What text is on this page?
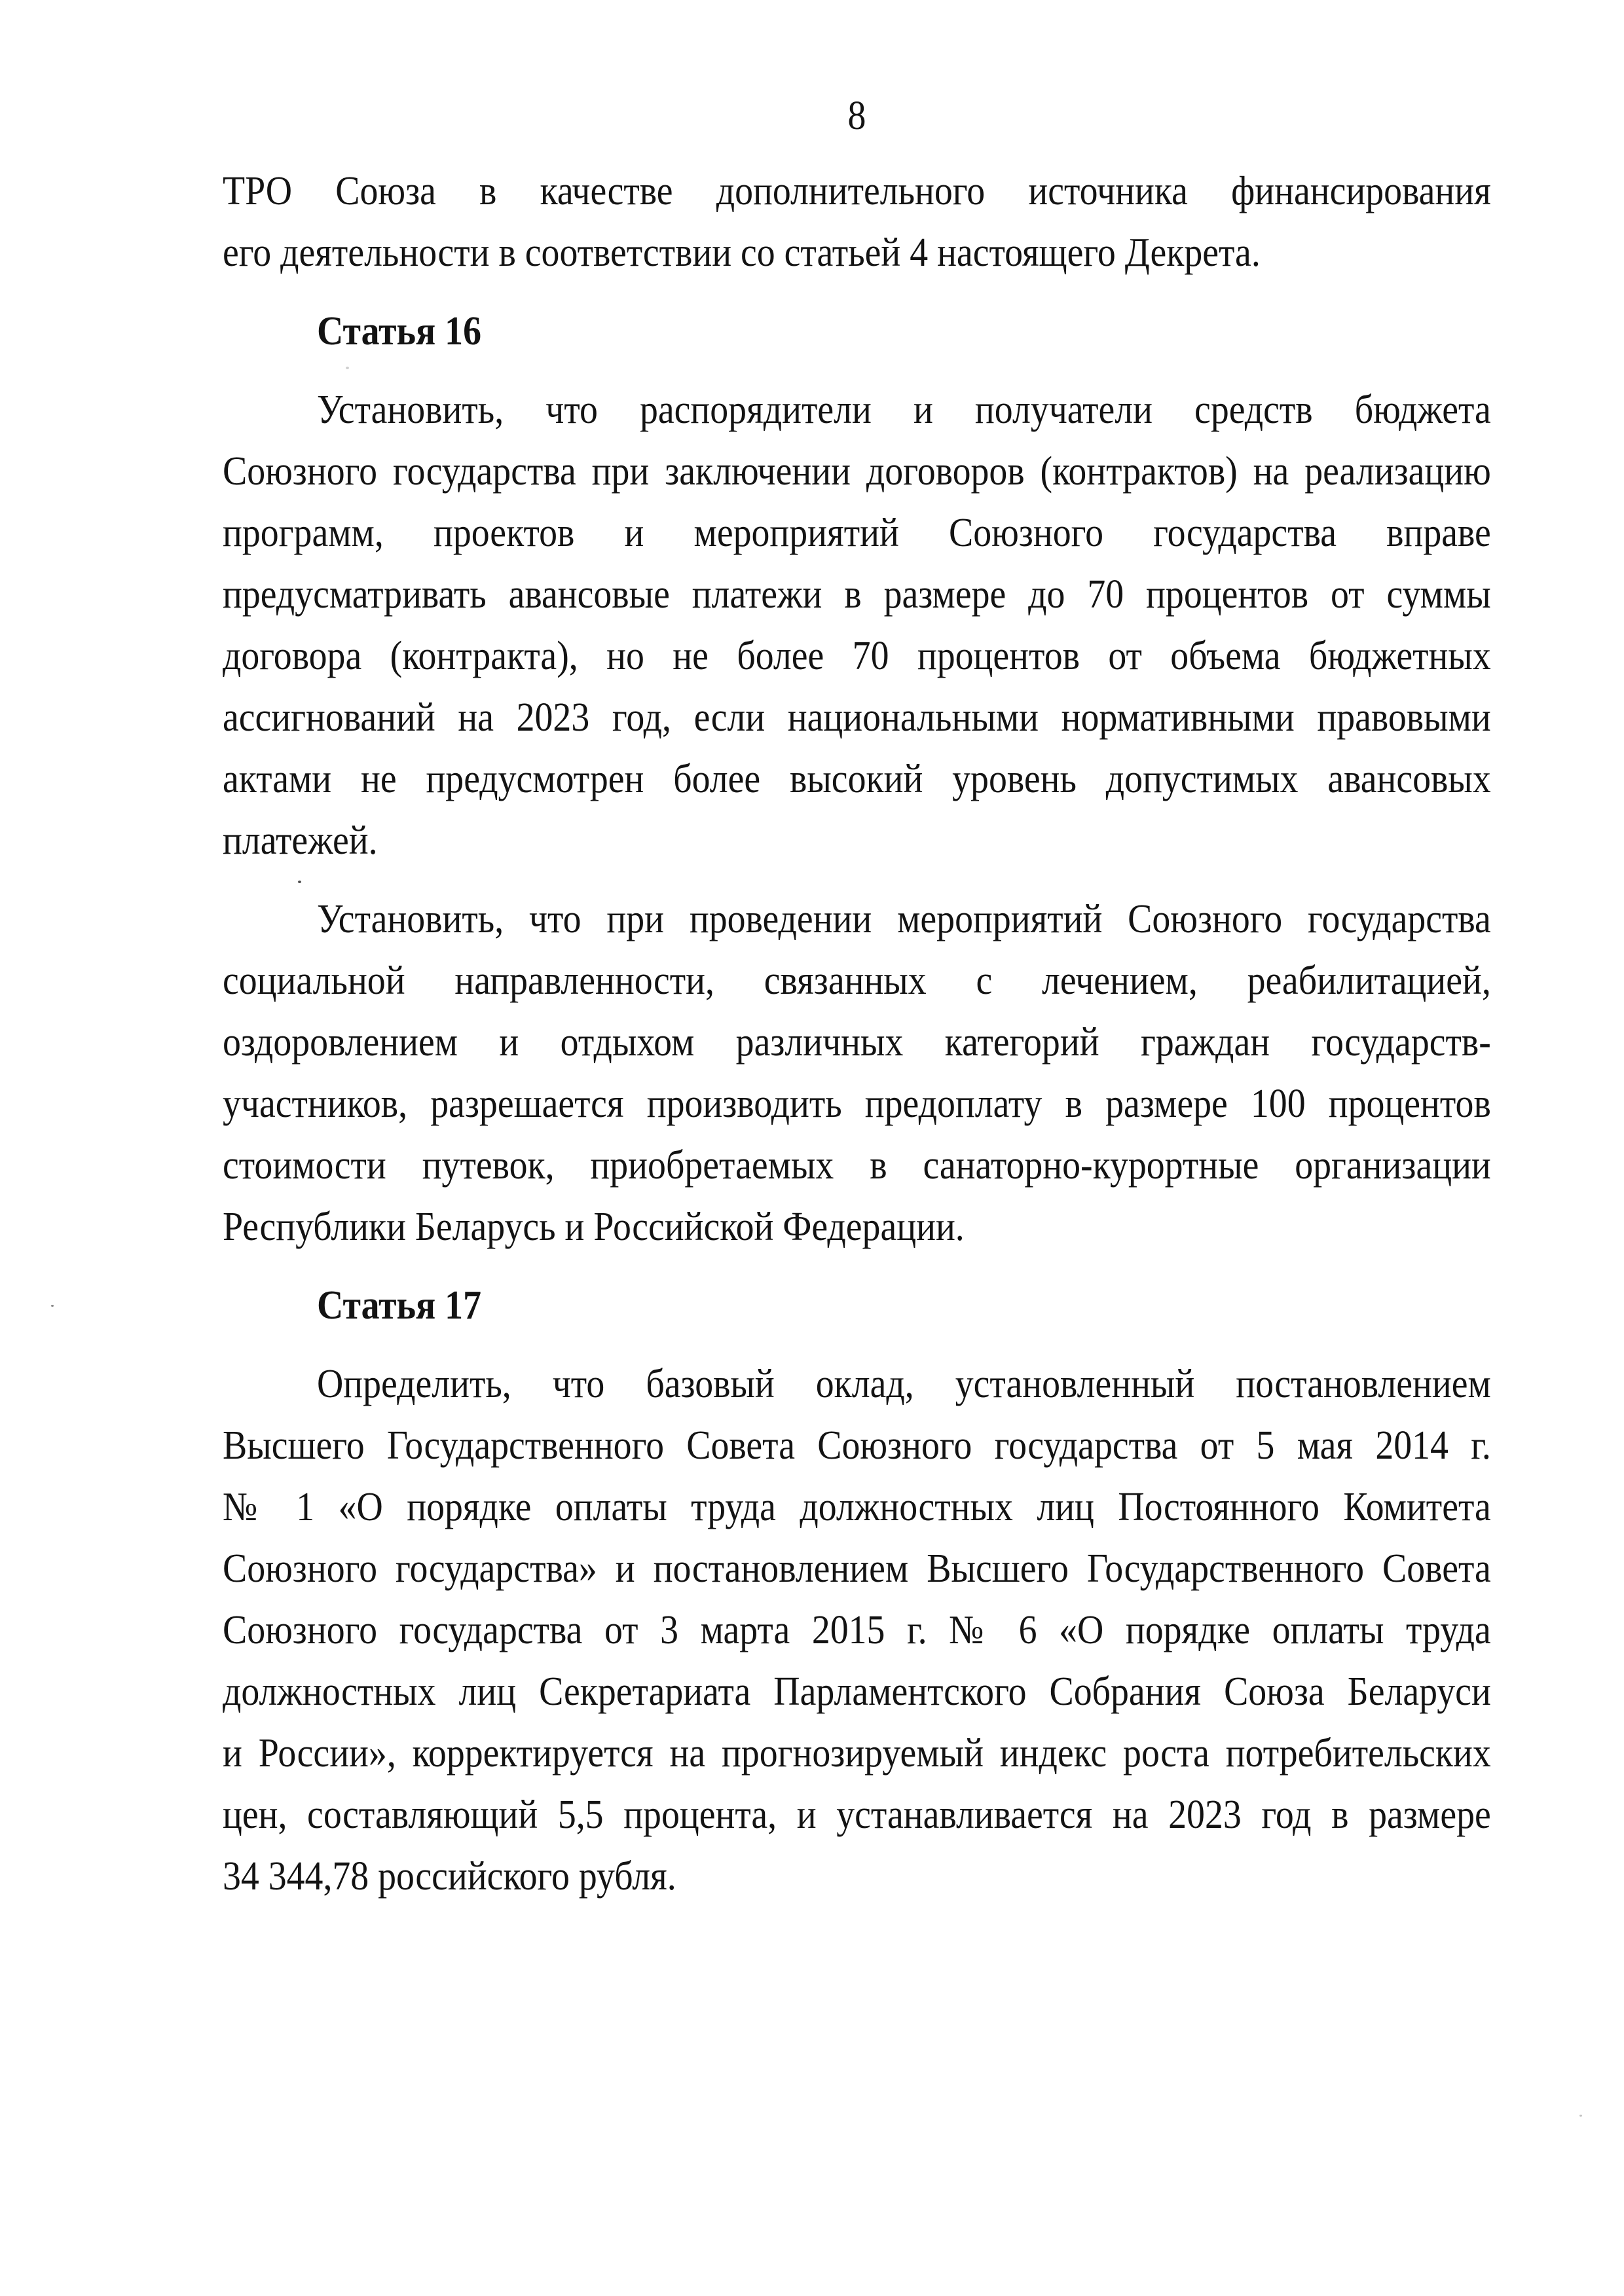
8
ТРО Союза в качестве дополнительного источника финансирования
его деятельности в соответствии со статьей 4 настоящего Декрета.
Статья 16
Установить, что распорядители и получатели средств бюджета
Союзного государства при заключении договоров (контрактов) на реализацию
программ, проектов и мероприятий Союзного государства вправе
предусматривать авансовые платежи в размере до 70 процентов от суммы
договора (контракта), но не более 70 процентов от объема бюджетных
ассигнований на 2023 год, если национальными нормативными правовыми
актами не предусмотрен более высокий уровень допустимых авансовых
платежей.
Установить, что при проведении мероприятий Союзного государства
социальной направленности, связанных с лечением, реабилитацией,
оздоровлением и отдыхом различных категорий граждан государств-
участников, разрешается производить предоплату в размере 100 процентов
стоимости путевок, приобретаемых в санаторно-курортные организации
Республики Беларусь и Российской Федерации.
Статья 17
Определить, что базовый оклад, установленный постановлением
Высшего Государственного Совета Союзного государства от 5 мая 2014 г.
№ 1 «О порядке оплаты труда должностных лиц Постоянного Комитета
Союзного государства» и постановлением Высшего Государственного Совета
Союзного государства от 3 марта 2015 г. № 6 «О порядке оплаты труда
должностных лиц Секретариата Парламентского Собрания Союза Беларуси
и России», корректируется на прогнозируемый индекс роста потребительских
цен, составляющий 5,5 процента, и устанавливается на 2023 год в размере
34 344,78 российского рубля.
